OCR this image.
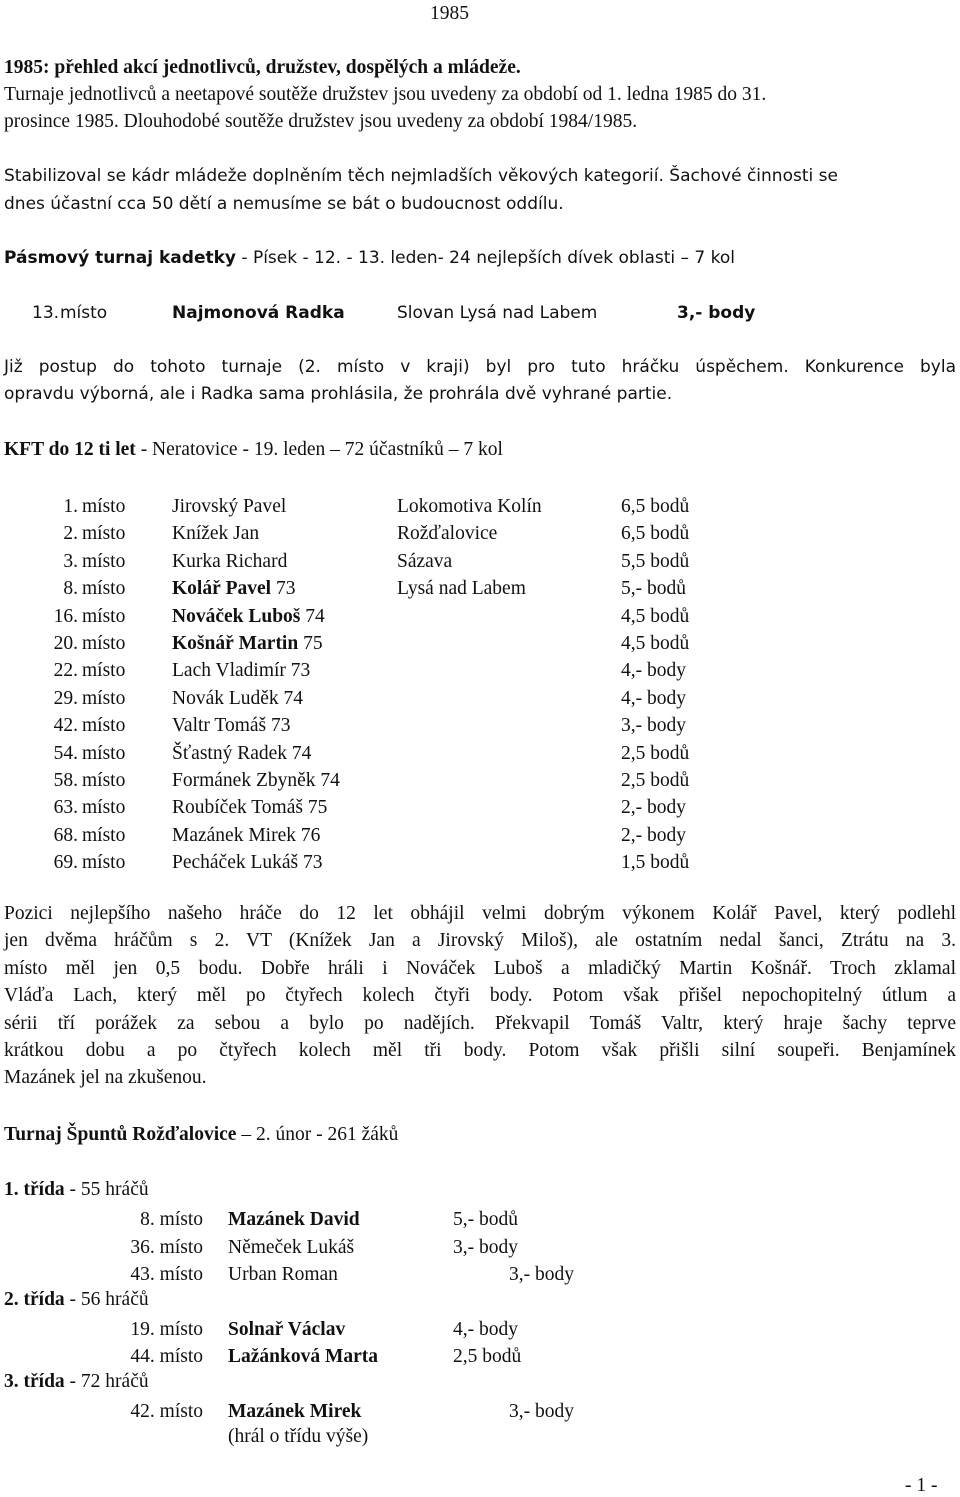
1985
1985: přehled akcí jednotlivců, družstev, dospělých a mládeže.
Turnaje jednotlivců a neetapové soutěže družstev jsou uvedeny za období od 1. ledna 1985 do 31.
prosince 1985. Dlouhodobé soutěže družstev jsou uvedeny za období 1984/1985.
Stabilizoval se kádr mládeže doplněním těch nejmladších věkových kategorií. Šachové činnosti se
dnes účastní cca 50 dětí a nemusíme se bát o budoucnost oddílu.
Pásmový turnaj kadetky - Písek - 12. - 13. leden- 24 nejlepších dívek oblasti – 7 kol
13. místo	Najmonová Radka	Slovan Lysá nad Labem	3,- body
Již postup do tohoto turnaje (2. místo v kraji) byl pro tuto hráčku úspěchem. Konkurence byla
opravdu výborná, ale i Radka sama prohlásila, že prohrála dvě vyhrané partie.
KFT do 12 ti let - Neratovice - 19. leden – 72 účastníků – 7 kol
1. místo Jirovský Pavel	Lokomotiva Kolín	6,5 bodů
2. místo Knížek Jan	Rožďalovice	6,5 bodů
3. místo Kurka Richard	Sázava	5,5 bodů
8. místo Kolář Pavel 73	Lysá nad Labem	5,- bodů
16. místo Nováček Luboš 74	4,5 bodů
20. místo Košnář Martin 75	4,5 bodů
22. místo Lach Vladimír 73	4,- body
29. místo Novák Luděk 74	4,- body
42. místo Valtr Tomáš 73	3,- body
54. místo Šťastný Radek 74	2,5 bodů
58. místo Formánek Zbyněk 74	2,5 bodů
63. místo Roubíček Tomáš 75	2,- body
68. místo Mazánek Mirek 76	2,- body
69. místo Pecháček Lukáš 73	1,5 bodů
Pozici nejlepšího našeho hráče do 12 let obhájil velmi dobrým výkonem Kolář Pavel, který podlehl
jen dvěma hráčům s 2. VT (Knížek Jan a Jirovský Miloš), ale ostatním nedal šanci, Ztrátu na 3.
místo měl jen 0,5 bodu. Dobře hráli i Nováček Luboš a mladičký Martin Košnář. Troch zklamal
Vláďa Lach, který měl po čtyřech kolech čtyři body. Potom však přišel nepochopitelný útlum a
sérii tří porážek za sebou a bylo po nadějích. Překvapil Tomáš Valtr, který hraje šachy teprve
krátkou dobu a po čtyřech kolech měl tři body. Potom však přišli silní soupeři. Benjamínek
Mazánek jel na zkušenou.
Turnaj Špuntů Rožďalovice – 2. únor - 261 žáků
1. třída - 55 hráčů
8. místo Mazánek David	5,- bodů
36. místo Němeček Lukáš	3,- body
43. místo Urban Roman	3,- body
2. třída - 56 hráčů
19. místo Solnař Václav	4,- body
44. místo Lažánková Marta	2,5 bodů
3. třída - 72 hráčů
42. místo Mazánek Mirek	3,- body
(hrál o třídu výše)
- 1 -
